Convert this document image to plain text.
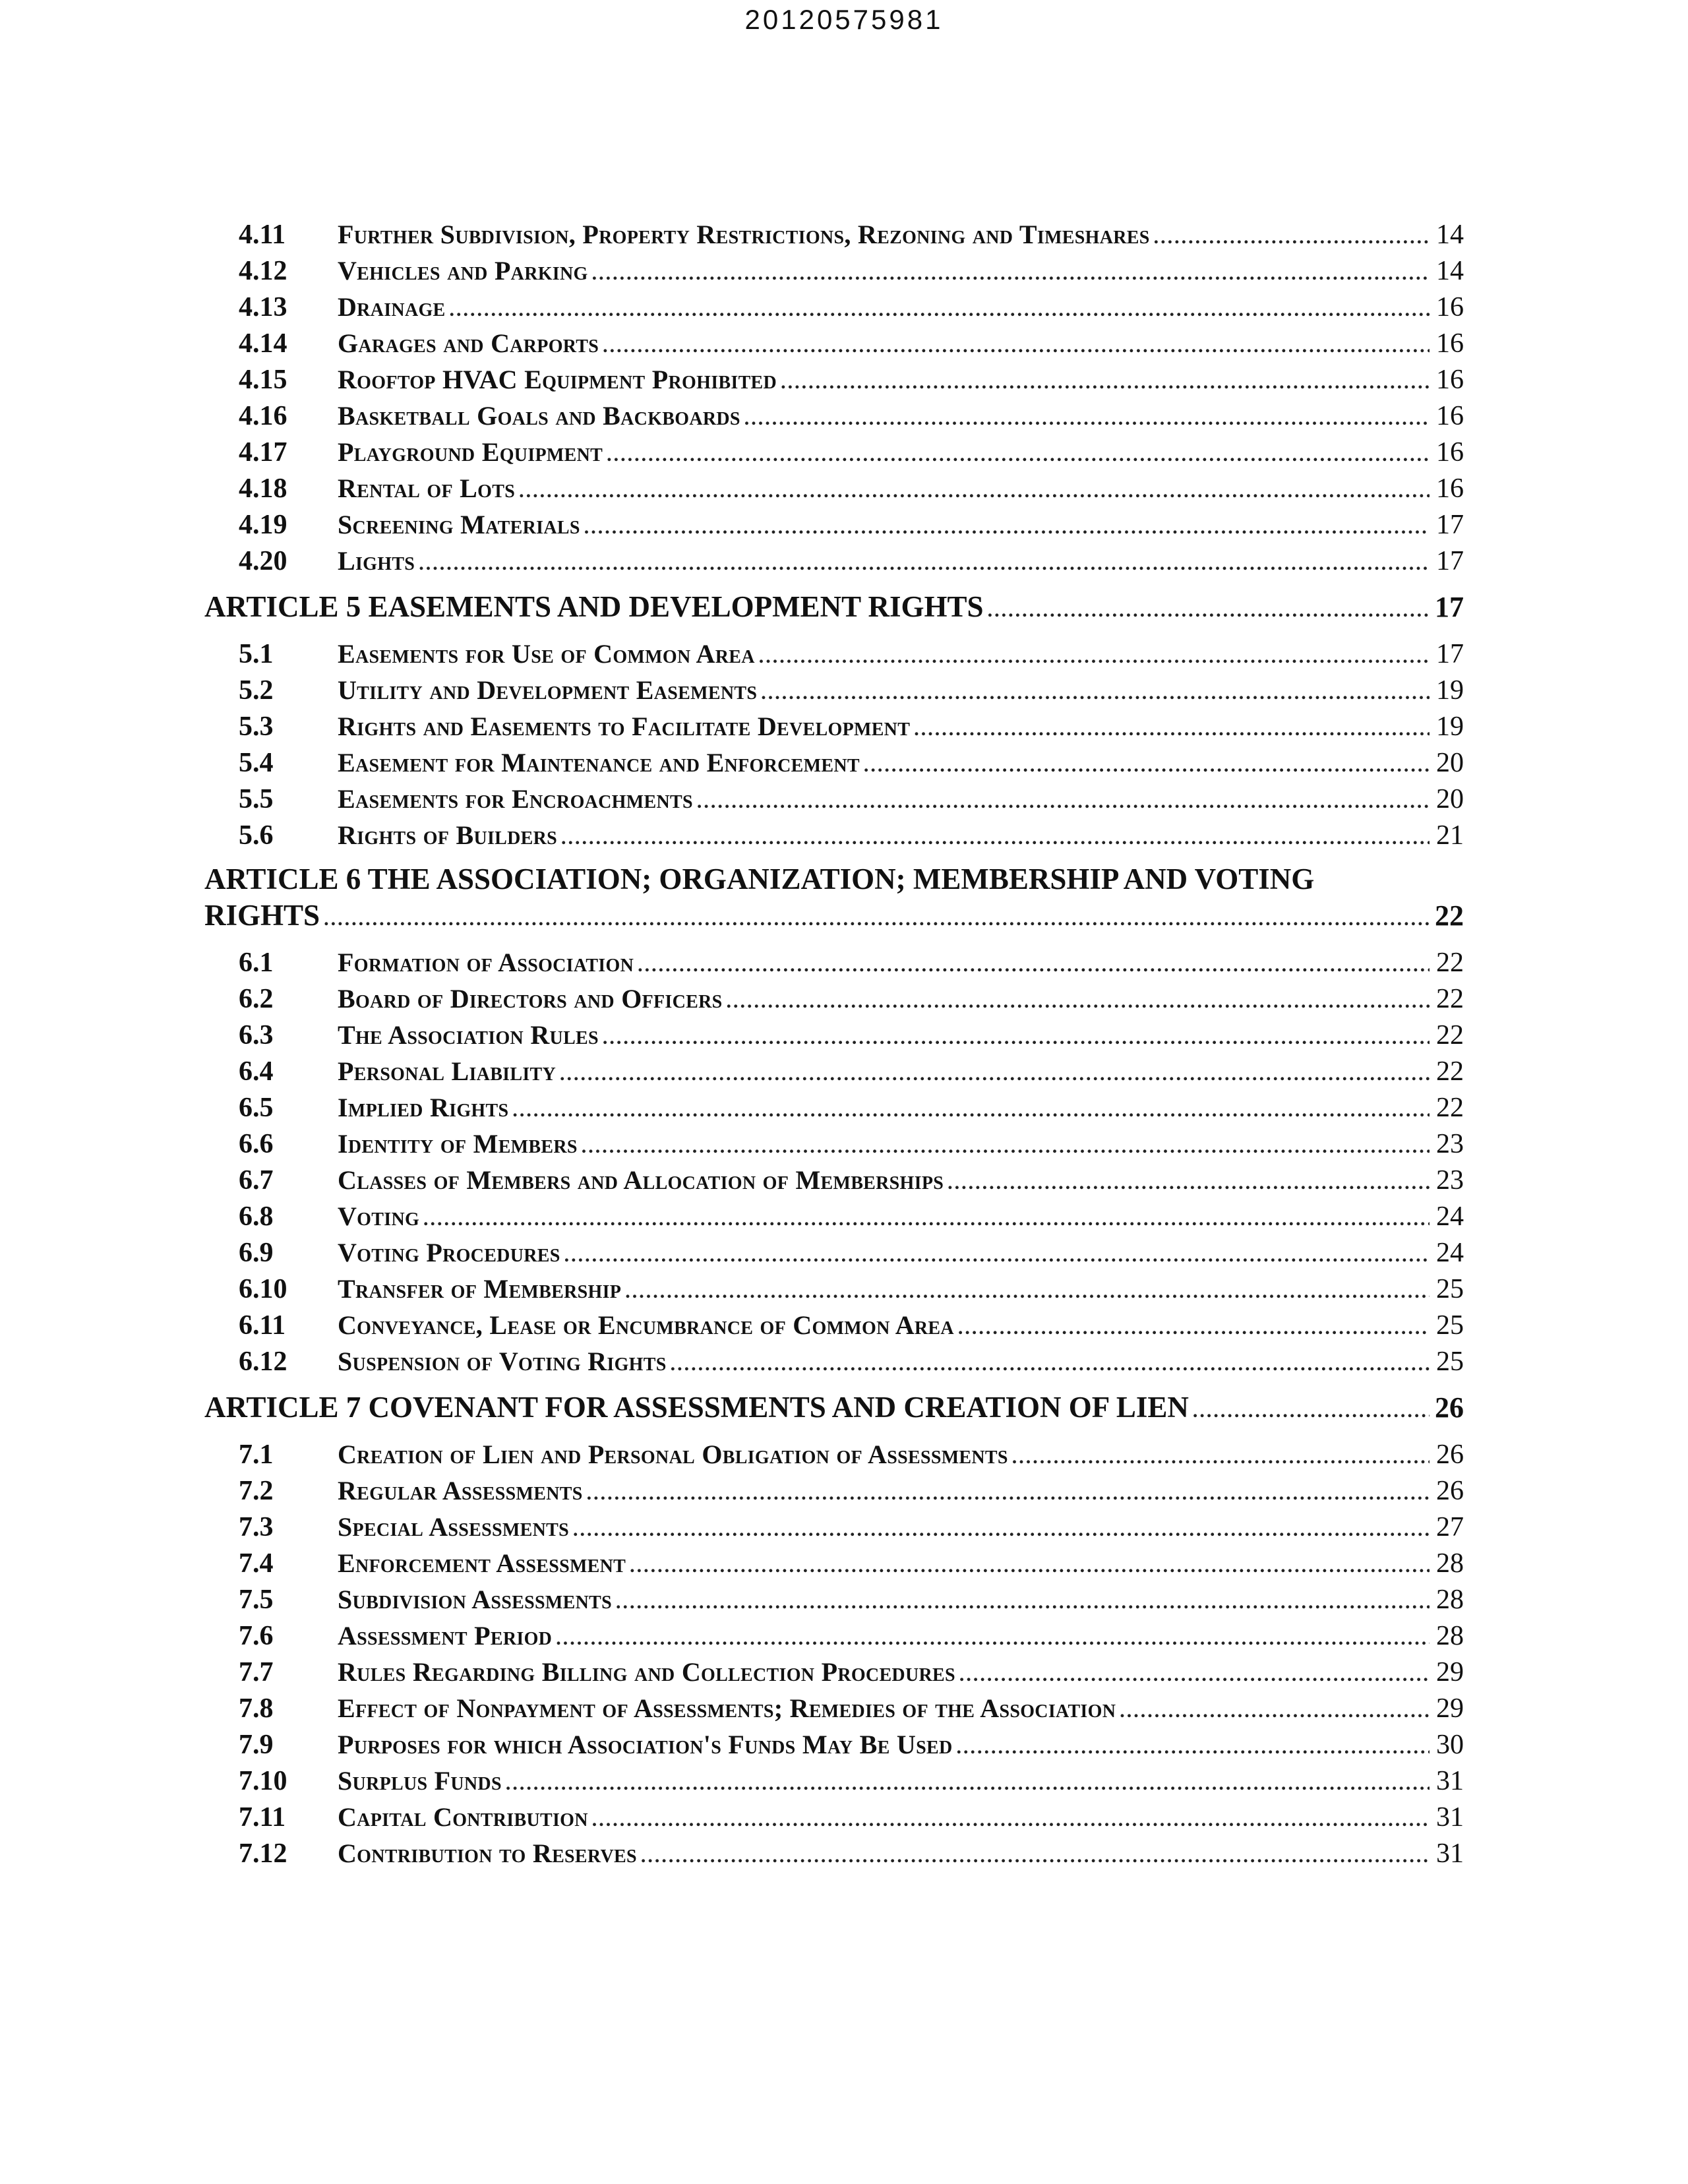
20120575981
4.11	Further Subdivision, Property Restrictions, Rezoning and Timeshares .....	14
4.12	Vehicles and Parking .....	14
4.13	Drainage .....	16
4.14	Garages and Carports .....	16
4.15	Rooftop HVAC Equipment Prohibited .....	16
4.16	Basketball Goals and Backboards .....	16
4.17	Playground Equipment .....	16
4.18	Rental of Lots .....	16
4.19	Screening Materials .....	17
4.20	Lights .....	17
ARTICLE 5 EASEMENTS AND DEVELOPMENT RIGHTS .....	17
5.1	Easements for Use of Common Area .....	17
5.2	Utility and Development Easements .....	19
5.3	Rights and Easements to Facilitate Development .....	19
5.4	Easement for Maintenance and Enforcement .....	20
5.5	Easements for Encroachments .....	20
5.6	Rights of Builders .....	21
ARTICLE 6 THE ASSOCIATION; ORGANIZATION; MEMBERSHIP AND VOTING
RIGHTS .....	22
6.1	Formation of Association .....	22
6.2	Board of Directors and Officers .....	22
6.3	The Association Rules .....	22
6.4	Personal Liability .....	22
6.5	Implied Rights .....	22
6.6	Identity of Members .....	23
6.7	Classes of Members and Allocation of Memberships .....	23
6.8	Voting .....	24
6.9	Voting Procedures .....	24
6.10	Transfer of Membership .....	25
6.11	Conveyance, Lease or Encumbrance of Common Area .....	25
6.12	Suspension of Voting Rights .....	25
ARTICLE 7 COVENANT FOR ASSESSMENTS AND CREATION OF LIEN .....	26
7.1	Creation of Lien and Personal Obligation of Assessments .....	26
7.2	Regular Assessments .....	26
7.3	Special Assessments .....	27
7.4	Enforcement Assessment .....	28
7.5	Subdivision Assessments .....	28
7.6	Assessment Period .....	28
7.7	Rules Regarding Billing and Collection Procedures .....	29
7.8	Effect of Nonpayment of Assessments; Remedies of the Association .....	29
7.9	Purposes for which Association's Funds May Be Used .....	30
7.10	Surplus Funds .....	31
7.11	Capital Contribution .....	31
7.12	Contribution to Reserves .....	31
